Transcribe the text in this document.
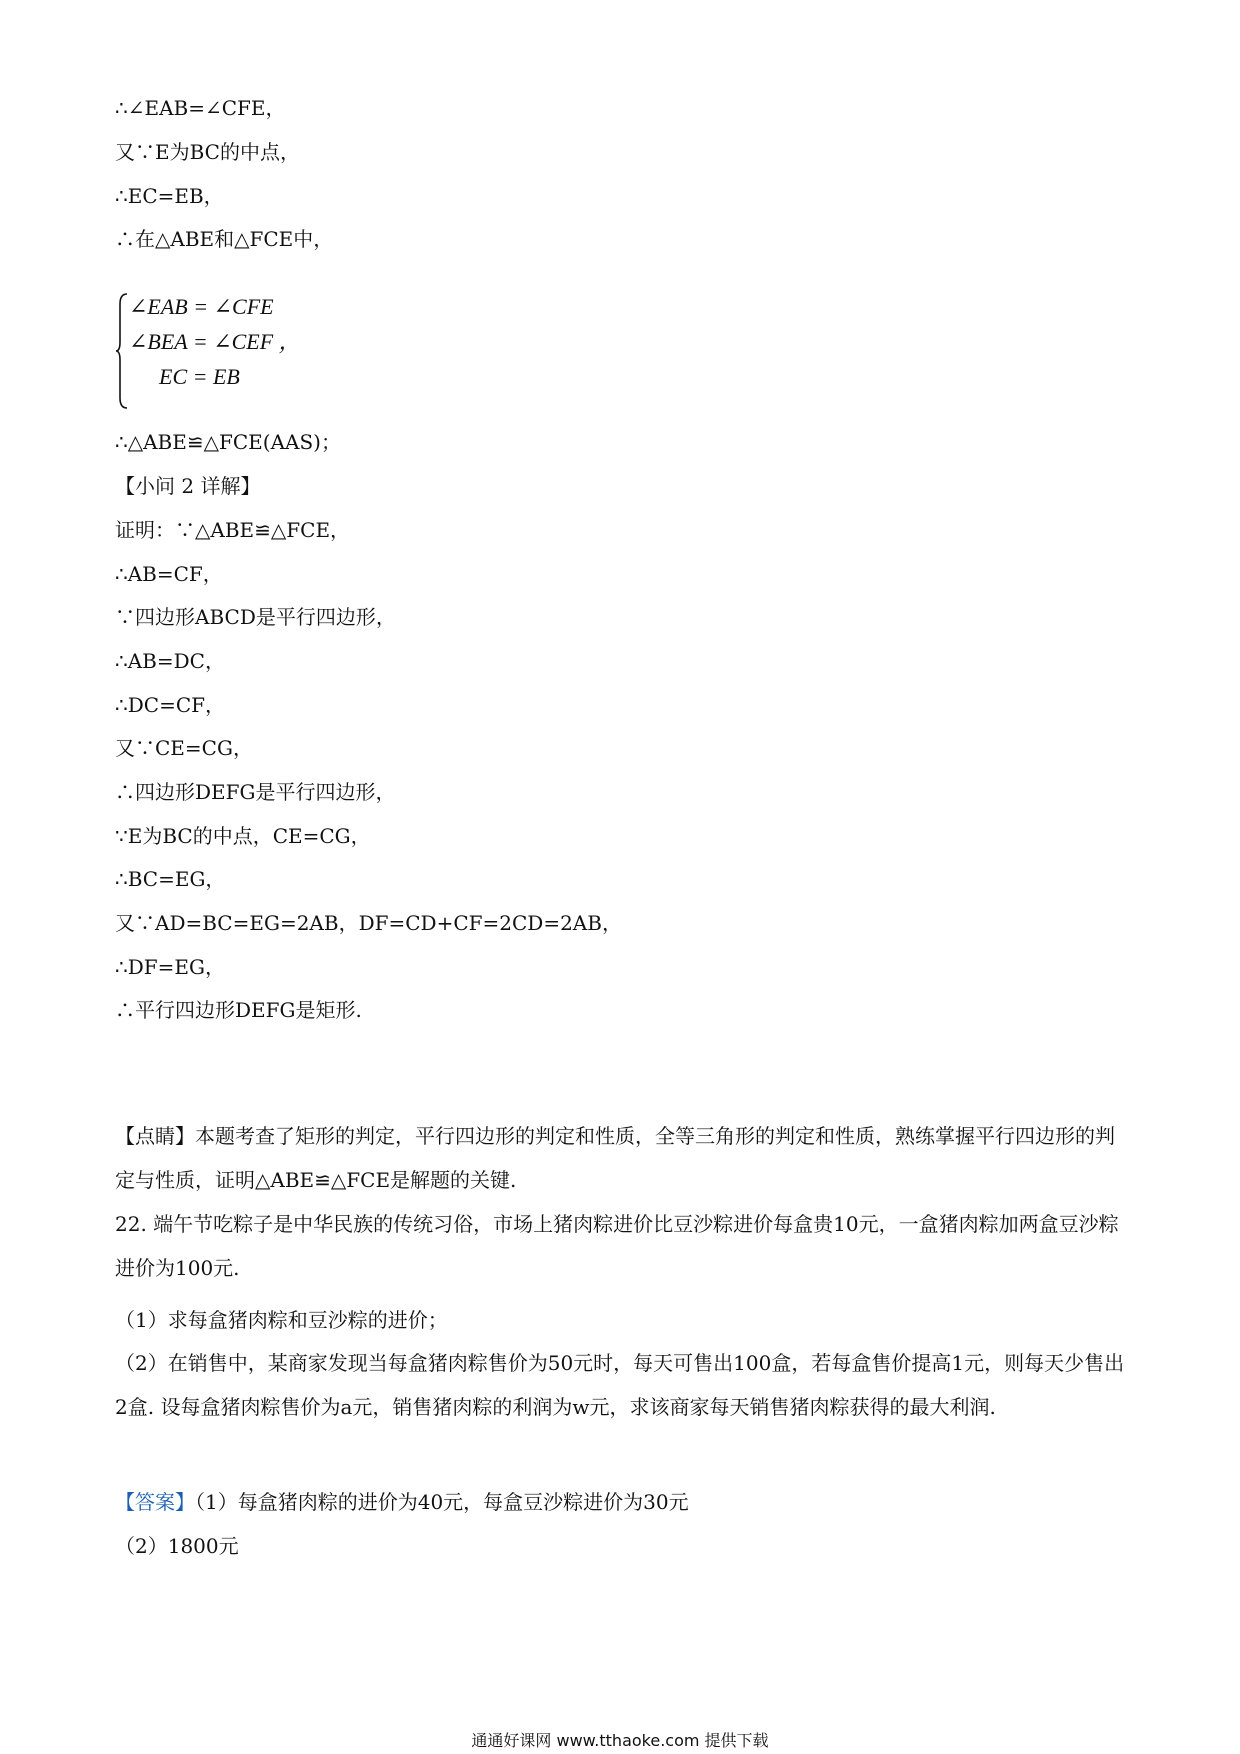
∴∠EAB=∠CFE，
又∵E为BC的中点，
∴EC=EB，
∴在△ABE和△FCE中，
∠EAB = ∠CFE
∠BEA = ∠CEF ，
EC = EB
∴△ABE≌△FCE(AAS)；
【小问 2 详解】
证明：∵△ABE≌△FCE，
∴AB=CF，
∵四边形ABCD是平行四边形，
∴AB=DC，
∴DC=CF，
又∵CE=CG，
∴四边形DEFG是平行四边形，
∵E为BC的中点，CE=CG，
∴BC=EG，
又∵AD=BC=EG=2AB，DF=CD+CF=2CD=2AB，
∴DF=EG，
∴平行四边形DEFG是矩形.
【点睛】本题考查了矩形的判定，平行四边形的判定和性质，全等三角形的判定和性质，熟练掌握平行四边形的判定与性质，证明△ABE≌△FCE是解题的关键.
22. 端午节吃粽子是中华民族的传统习俗，市场上猪肉粽进价比豆沙粽进价每盒贵10元，一盒猪肉粽加两盒豆沙粽进价为100元.
（1）求每盒猪肉粽和豆沙粽的进价；
（2）在销售中，某商家发现当每盒猪肉粽售价为50元时，每天可售出100盒，若每盒售价提高1元，则每天少售出2盒. 设每盒猪肉粽售价为a元，销售猪肉粽的利润为w元，求该商家每天销售猪肉粽获得的最大利润.
【答案】（1）每盒猪肉粽的进价为40元，每盒豆沙粽进价为30元
（2）1800元
通通好课网 www.tthaoke.com 提供下载
